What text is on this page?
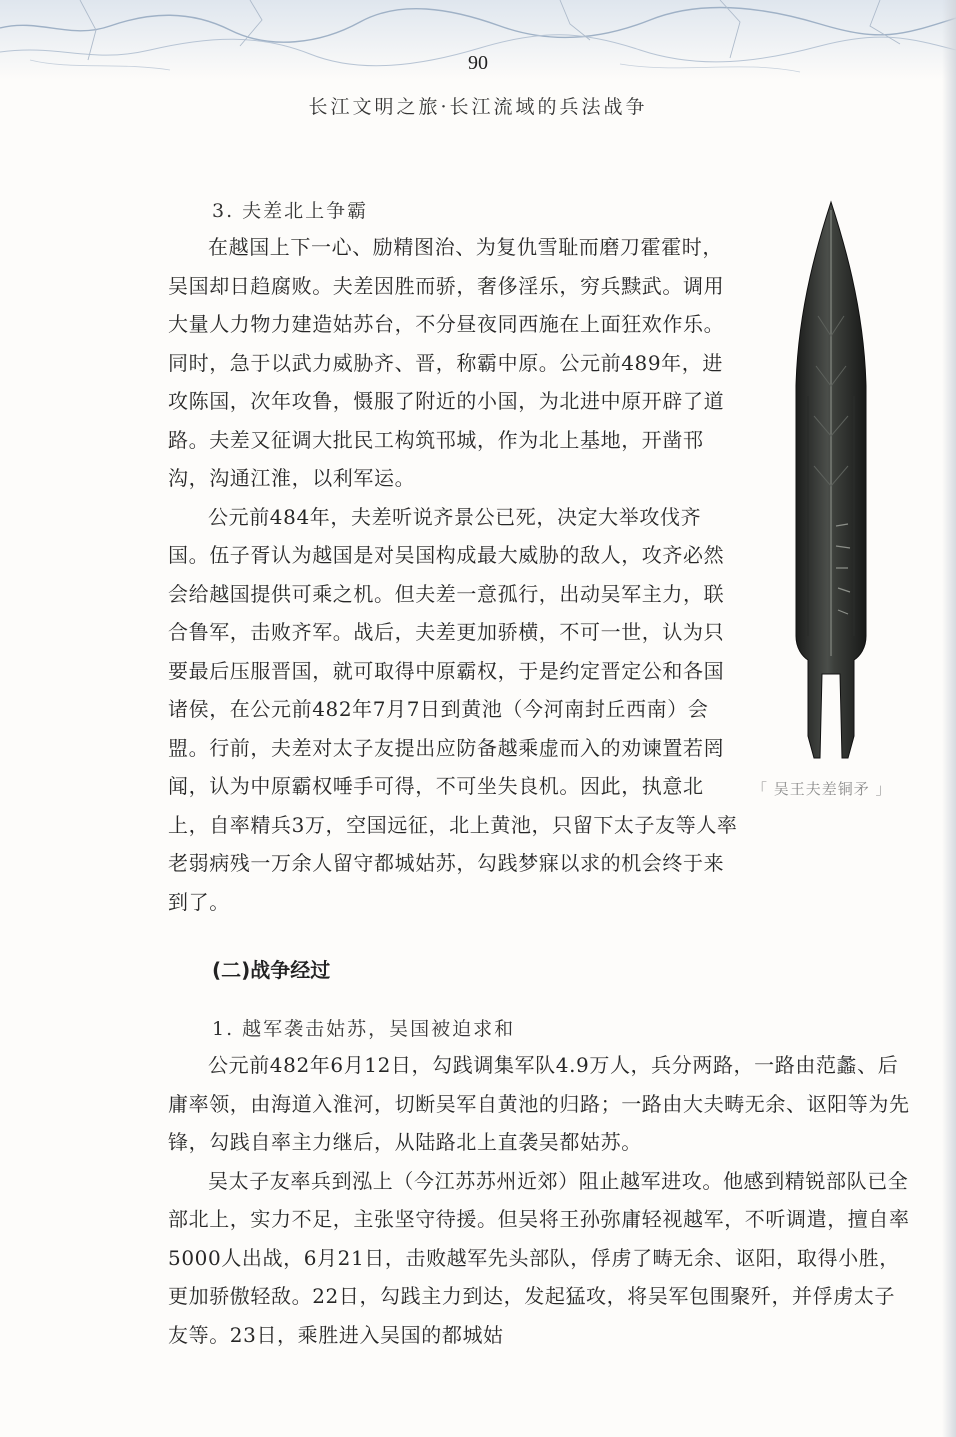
90
长江文明之旅·长江流域的兵法战争
3. 夫差北上争霸

在越国上下一心、励精图治、为复仇雪耻而磨刀霍霍时，吴国却日趋腐败。夫差因胜而骄，奢侈淫乐，穷兵黩武。调用大量人力物力建造姑苏台，不分昼夜同西施在上面狂欢作乐。同时，急于以武力威胁齐、晋，称霸中原。公元前489年，进攻陈国，次年攻鲁，慑服了附近的小国，为北进中原开辟了道路。夫差又征调大批民工构筑邗城，作为北上基地，开凿邗沟，沟通江淮，以利军运。

公元前484年，夫差听说齐景公已死，决定大举攻伐齐国。伍子胥认为越国是对吴国构成最大威胁的敌人，攻齐必然会给越国提供可乘之机。但夫差一意孤行，出动吴军主力，联合鲁军，击败齐军。战后，夫差更加骄横，不可一世，认为只要最后压服晋国，就可取得中原霸权，于是约定晋定公和各国诸侯，在公元前482年7月7日到黄池（今河南封丘西南）会盟。行前，夫差对太子友提出应防备越乘虚而入的劝谏置若罔闻，认为中原霸权唾手可得，不可坐失良机。因此，执意北上，自率精兵3万，空国远征，北上黄池，只留下太子友等人率老弱病残一万余人留守都城姑苏，勾践梦寐以求的机会终于来到了。

「 吴王夫差铜矛 」
(二)战争经过
1. 越军袭击姑苏，吴国被迫求和

公元前482年6月12日，勾践调集军队4.9万人，兵分两路，一路由范蠡、后庸率领，由海道入淮河，切断吴军自黄池的归路；一路由大夫畴无余、讴阳等为先锋，勾践自率主力继后，从陆路北上直袭吴都姑苏。

吴太子友率兵到泓上（今江苏苏州近郊）阻止越军进攻。他感到精锐部队已全部北上，实力不足，主张坚守待援。但吴将王孙弥庸轻视越军，不听调遣，擅自率5000人出战，6月21日，击败越军先头部队，俘虏了畴无余、讴阳，取得小胜，更加骄傲轻敌。22日，勾践主力到达，发起猛攻，将吴军包围聚歼，并俘虏太子友等。23日，乘胜进入吴国的都城姑
